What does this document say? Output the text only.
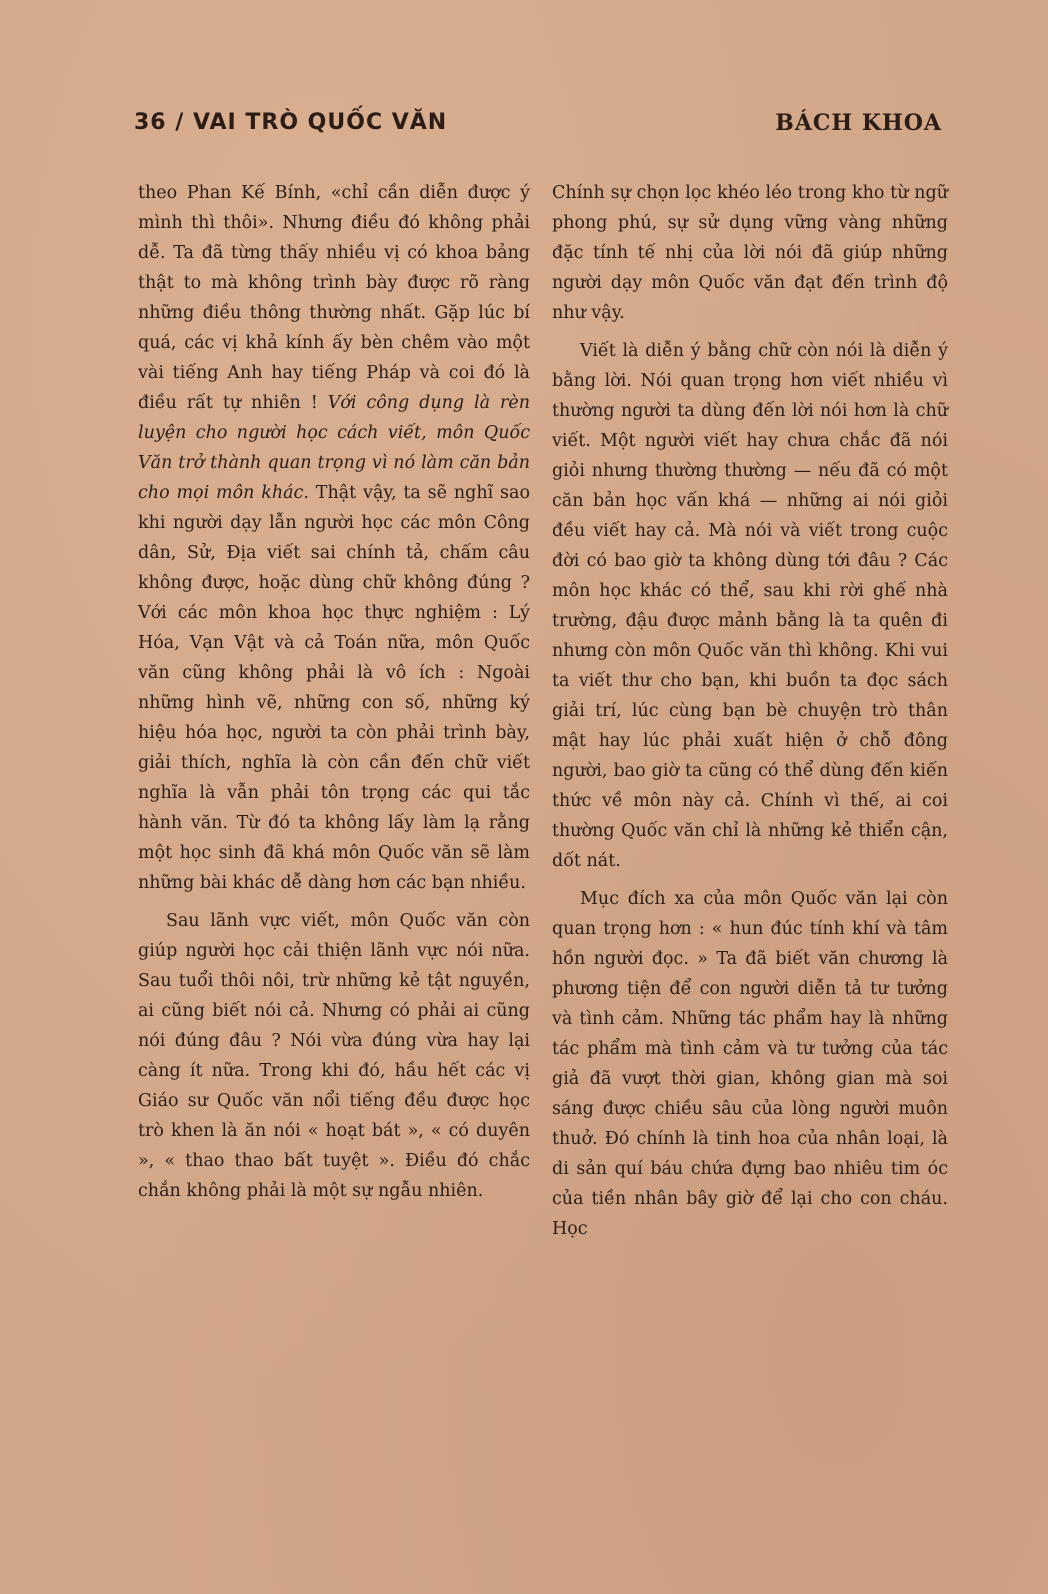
36 / VAI TRÒ QUỐC VĂN	BÁCH KHOA

theo Phan Kế Bính, «chỉ cần diễn được ý mình thì thôi». Nhưng điều đó không phải dễ. Ta đã từng thấy nhiều vị có khoa bảng thật to mà không trình bày được rõ ràng những điều thông thường nhất. Gặp lúc bí quá, các vị khả kính ấy bèn chêm vào một vài tiếng Anh hay tiếng Pháp và coi đó là điều rất tự nhiên ! Với công dụng là rèn luyện cho người học cách viết, môn Quốc Văn trở thành quan trọng vì nó làm căn bản cho mọi môn khác. Thật vậy, ta sẽ nghĩ sao khi người dạy lẫn người học các môn Công dân, Sử, Địa viết sai chính tả, chấm câu không được, hoặc dùng chữ không đúng ? Với các môn khoa học thực nghiệm : Lý Hóa, Vạn Vật và cả Toán nữa, môn Quốc văn cũng không phải là vô ích : Ngoài những hình vẽ, những con số, những ký hiệu hóa học, người ta còn phải trình bày, giải thích, nghĩa là còn cần đến chữ viết nghĩa là vẫn phải tôn trọng các qui tắc hành văn. Từ đó ta không lấy làm lạ rằng một học sinh đã khá môn Quốc văn sẽ làm những bài khác dễ dàng hơn các bạn nhiều.

Sau lãnh vực viết, môn Quốc văn còn giúp người học cải thiện lãnh vực nói nữa. Sau tuổi thôi nôi, trừ những kẻ tật nguyền, ai cũng biết nói cả. Nhưng có phải ai cũng nói đúng đâu ? Nói vừa đúng vừa hay lại càng ít nữa. Trong khi đó, hầu hết các vị Giáo sư Quốc văn nổi tiếng đều được học trò khen là ăn nói « hoạt bát », « có duyên », « thao thao bất tuyệt ». Điều đó chắc chắn không phải là một sự ngẫu nhiên.

Chính sự chọn lọc khéo léo trong kho từ ngữ phong phú, sự sử dụng vững vàng những đặc tính tế nhị của lời nói đã giúp những người dạy môn Quốc văn đạt đến trình độ như vậy.

Viết là diễn ý bằng chữ còn nói là diễn ý bằng lời. Nói quan trọng hơn viết nhiều vì thường người ta dùng đến lời nói hơn là chữ viết. Một người viết hay chưa chắc đã nói giỏi nhưng thường thường — nếu đã có một căn bản học vấn khá — những ai nói giỏi đều viết hay cả. Mà nói và viết trong cuộc đời có bao giờ ta không dùng tới đâu ? Các môn học khác có thể, sau khi rời ghế nhà trường, đậu được mảnh bằng là ta quên đi nhưng còn môn Quốc văn thì không. Khi vui ta viết thư cho bạn, khi buồn ta đọc sách giải trí, lúc cùng bạn bè chuyện trò thân mật hay lúc phải xuất hiện ở chỗ đông người, bao giờ ta cũng có thể dùng đến kiến thức về môn này cả. Chính vì thế, ai coi thường Quốc văn chỉ là những kẻ thiển cận, dốt nát.

Mục đích xa của môn Quốc văn lại còn quan trọng hơn : « hun đúc tính khí và tâm hồn người đọc. » Ta đã biết văn chương là phương tiện để con người diễn tả tư tưởng và tình cảm. Những tác phẩm hay là những tác phẩm mà tình cảm và tư tưởng của tác giả đã vượt thời gian, không gian mà soi sáng được chiều sâu của lòng người muôn thuở. Đó chính là tinh hoa của nhân loại, là di sản quí báu chứa đựng bao nhiêu tim óc của tiền nhân bây giờ để lại cho con cháu. Học
